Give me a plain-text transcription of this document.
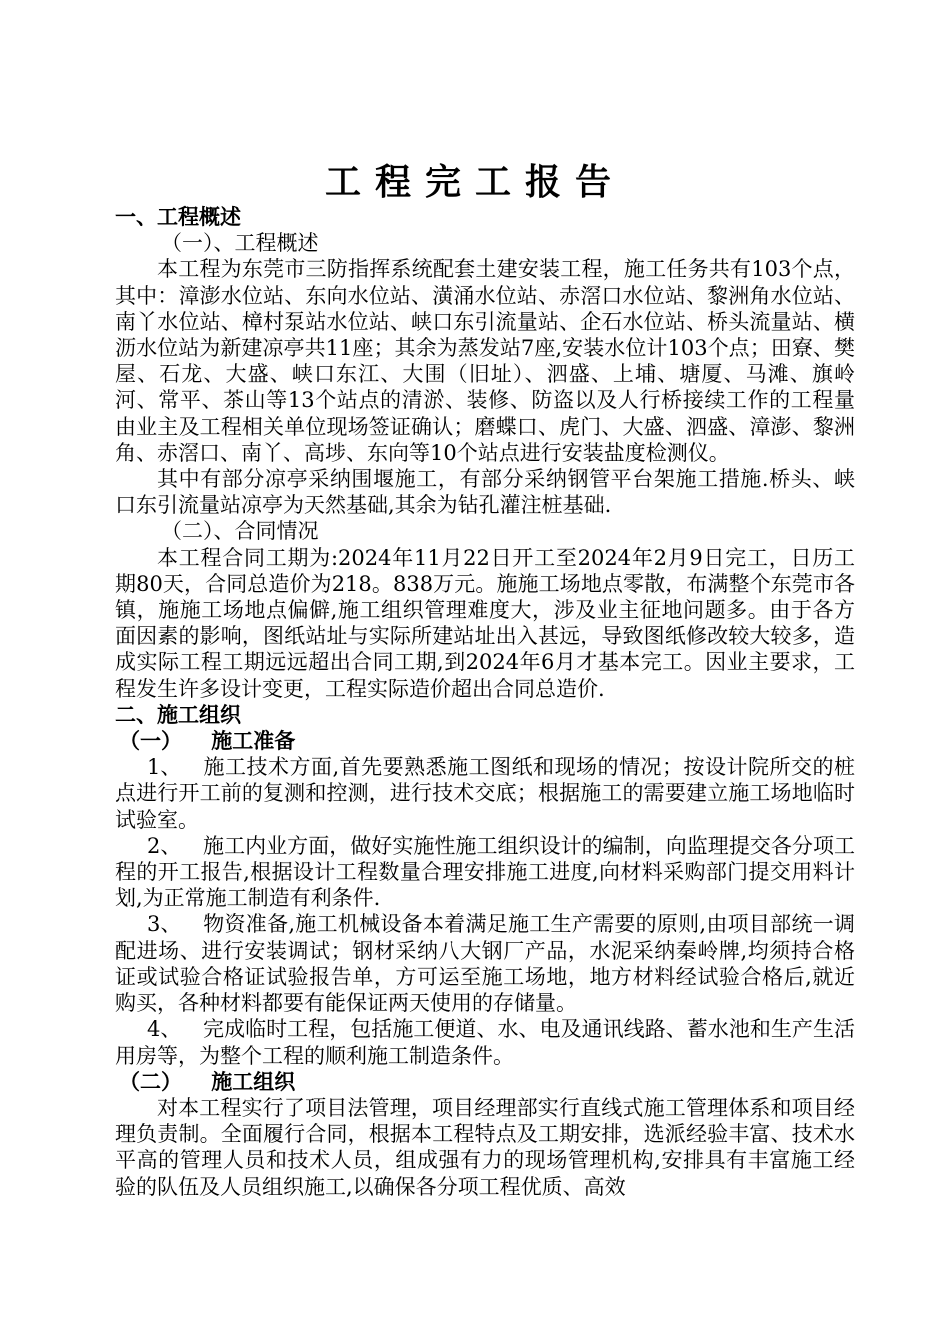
工程完工报告

一、工程概述

（一）、工程概述

本工程为东莞市三防指挥系统配套土建安装工程，施工任务共有103个点，其中：漳澎水位站、东向水位站、潢涌水位站、赤滘口水位站、黎洲角水位站、南丫水位站、樟村泵站水位站、峡口东引流量站、企石水位站、桥头流量站、横沥水位站为新建凉亭共11座；其余为蒸发站7座,安装水位计103个点；田寮、樊屋、石龙、大盛、峡口东江、大围（旧址）、泗盛、上埔、塘厦、马滩、旗岭河、常平、茶山等13个站点的清淤、装修、防盗以及人行桥接续工作的工程量由业主及工程相关单位现场签证确认；磨蝶口、虎门、大盛、泗盛、漳澎、黎洲角、赤滘口、南丫、高埗、东向等10个站点进行安装盐度检测仪。

其中有部分凉亭采纳围堰施工，有部分采纳钢管平台架施工措施.桥头、峡口东引流量站凉亭为天然基础,其余为钻孔灌注桩基础.

（二）、合同情况

本工程合同工期为:2024年11月22日开工至2024年2月9日完工，日历工期80天，合同总造价为218。838万元。施施工场地点零散，布满整个东莞市各镇，施施工场地点偏僻,施工组织管理难度大，涉及业主征地问题多。由于各方面因素的影响，图纸站址与实际所建站址出入甚远，导致图纸修改较大较多，造成实际工程工期远远超出合同工期,到2024年6月才基本完工。因业主要求，工程发生许多设计变更，工程实际造价超出合同总造价.

二、施工组织

（一） 施工准备

1、 施工技术方面,首先要熟悉施工图纸和现场的情况；按设计院所交的桩点进行开工前的复测和控测，进行技术交底；根据施工的需要建立施工场地临时试验室。

2、 施工内业方面，做好实施性施工组织设计的编制，向监理提交各分项工程的开工报告,根据设计工程数量合理安排施工进度,向材料采购部门提交用料计划,为正常施工制造有利条件.

3、 物资准备,施工机械设备本着满足施工生产需要的原则,由项目部统一调配进场、进行安装调试；钢材采纳八大钢厂产品，水泥采纳秦岭牌,均须持合格证或试验合格证试验报告单，方可运至施工场地，地方材料经试验合格后,就近购买，各种材料都要有能保证两天使用的存储量。

4、 完成临时工程，包括施工便道、水、电及通讯线路、蓄水池和生产生活用房等，为整个工程的顺利施工制造条件。

（二） 施工组织

对本工程实行了项目法管理，项目经理部实行直线式施工管理体系和项目经理负责制。全面履行合同，根据本工程特点及工期安排，选派经验丰富、技术水平高的管理人员和技术人员，组成强有力的现场管理机构,安排具有丰富施工经验的队伍及人员组织施工,以确保各分项工程优质、高效
